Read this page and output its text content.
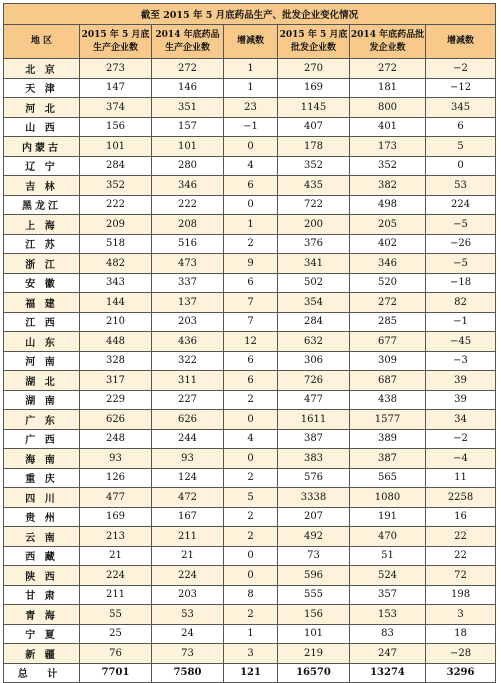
截至 2015 年 5 月底药品生产、批发企业变化情况						
地 区	2015 年 5 月底生产企业数	2014 年底药品生产企业数	增减数	2015 年 5 月底批发企业数	2014 年底药品批发企业数	增减数
北 京	273	272	1	270	272	−2
天 津	147	146	1	169	181	−12
河 北	374	351	23	1145	800	345
山 西	156	157	−1	407	401	6
内蒙古	101	101	0	178	173	5
辽 宁	284	280	4	352	352	0
吉 林	352	346	6	435	382	53
黑龙江	222	222	0	722	498	224
上 海	209	208	1	200	205	−5
江 苏	518	516	2	376	402	−26
浙 江	482	473	9	341	346	−5
安 徽	343	337	6	502	520	−18
福 建	144	137	7	354	272	82
江 西	210	203	7	284	285	−1
山 东	448	436	12	632	677	−45
河 南	328	322	6	306	309	−3
湖 北	317	311	6	726	687	39
湖 南	229	227	2	477	438	39
广 东	626	626	0	1611	1577	34
广 西	248	244	4	387	389	−2
海 南	93	93	0	383	387	−4
重 庆	126	124	2	576	565	11
四 川	477	472	5	3338	1080	2258
贵 州	169	167	2	207	191	16
云 南	213	211	2	492	470	22
西 藏	21	21	0	73	51	22
陕 西	224	224	0	596	524	72
甘 肃	211	203	8	555	357	198
青 海	55	53	2	156	153	3
宁 夏	25	24	1	101	83	18
新 疆	76	73	3	219	247	−28
总 计	7701	7580	121	16570	13274	3296
